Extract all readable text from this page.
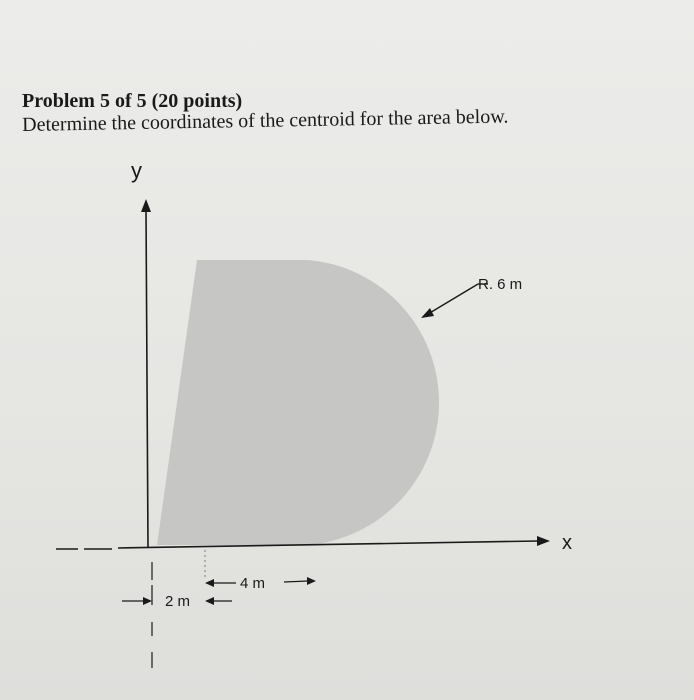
Problem 5 of 5 (20 points)
Determine the coordinates of the centroid for the area below.
y
x
R. 6 m
2 m
4 m
